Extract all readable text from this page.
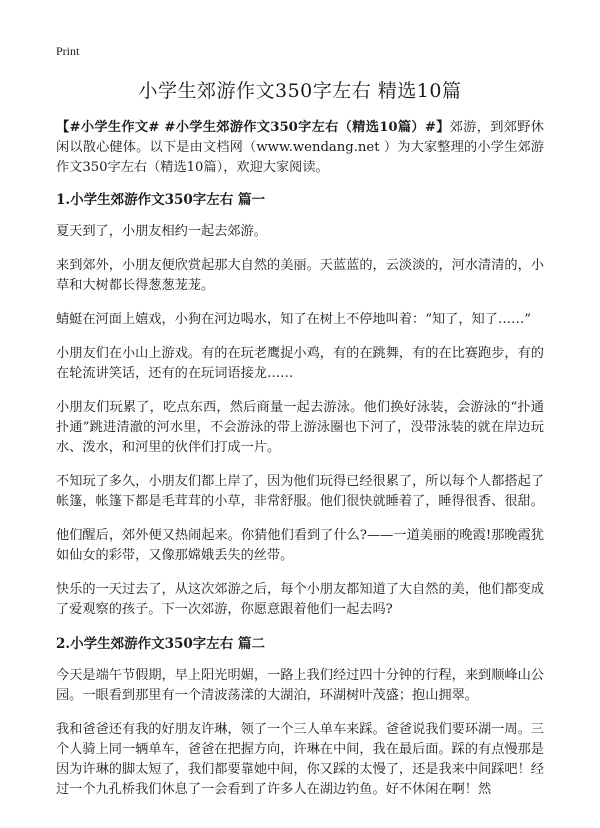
Print
小学生郊游作文350字左右 精选10篇

【#小学生作文# #小学生郊游作文350字左右（精选10篇）#】郊游，到郊野休闲以散心健体。以下是由文档网（www.wendang.net ）为大家整理的小学生郊游作文350字左右（精选10篇），欢迎大家阅读。

1.小学生郊游作文350字左右 篇一

夏天到了，小朋友相约一起去郊游。

来到郊外，小朋友便欣赏起那大自然的美丽。天蓝蓝的，云淡淡的，河水清清的，小草和大树都长得葱葱茏茏。

蜻蜓在河面上嬉戏，小狗在河边喝水，知了在树上不停地叫着：“知了，知了……”

小朋友们在小山上游戏。有的在玩老鹰捉小鸡，有的在跳舞，有的在比赛跑步，有的在轮流讲笑话，还有的在玩词语接龙……

小朋友们玩累了，吃点东西，然后商量一起去游泳。他们换好泳装，会游泳的“扑通扑通”跳进清澈的河水里，不会游泳的带上游泳圈也下河了，没带泳装的就在岸边玩水、泼水，和河里的伙伴们打成一片。

不知玩了多久，小朋友们都上岸了，因为他们玩得已经很累了，所以每个人都搭起了帐篷，帐篷下都是毛茸茸的小草，非常舒服。他们很快就睡着了，睡得很香、很甜。

他们醒后，郊外便又热闹起来。你猜他们看到了什么?——一道美丽的晚霞!那晚霞犹如仙女的彩带，又像那嫦娥丢失的丝带。

快乐的一天过去了，从这次郊游之后，每个小朋友都知道了大自然的美，他们都变成了爱观察的孩子。下一次郊游，你愿意跟着他们一起去吗?

2.小学生郊游作文350字左右 篇二

今天是端午节假期，早上阳光明媚，一路上我们经过四十分钟的行程，来到顺峰山公园。一眼看到那里有一个清波荡漾的大湖泊，环湖树叶茂盛；抱山拥翠。

我和爸爸还有我的好朋友许琳，领了一个三人单车来踩。爸爸说我们要环湖一周。三个人骑上同一辆单车，爸爸在把握方向，许琳在中间，我在最后面。踩的有点慢那是因为许琳的脚太短了，我们都要靠她中间，你又踩的太慢了，还是我来中间踩吧！经过一个九孔桥我们休息了一会看到了许多人在湖边钓鱼。好不休闲在啊！然
